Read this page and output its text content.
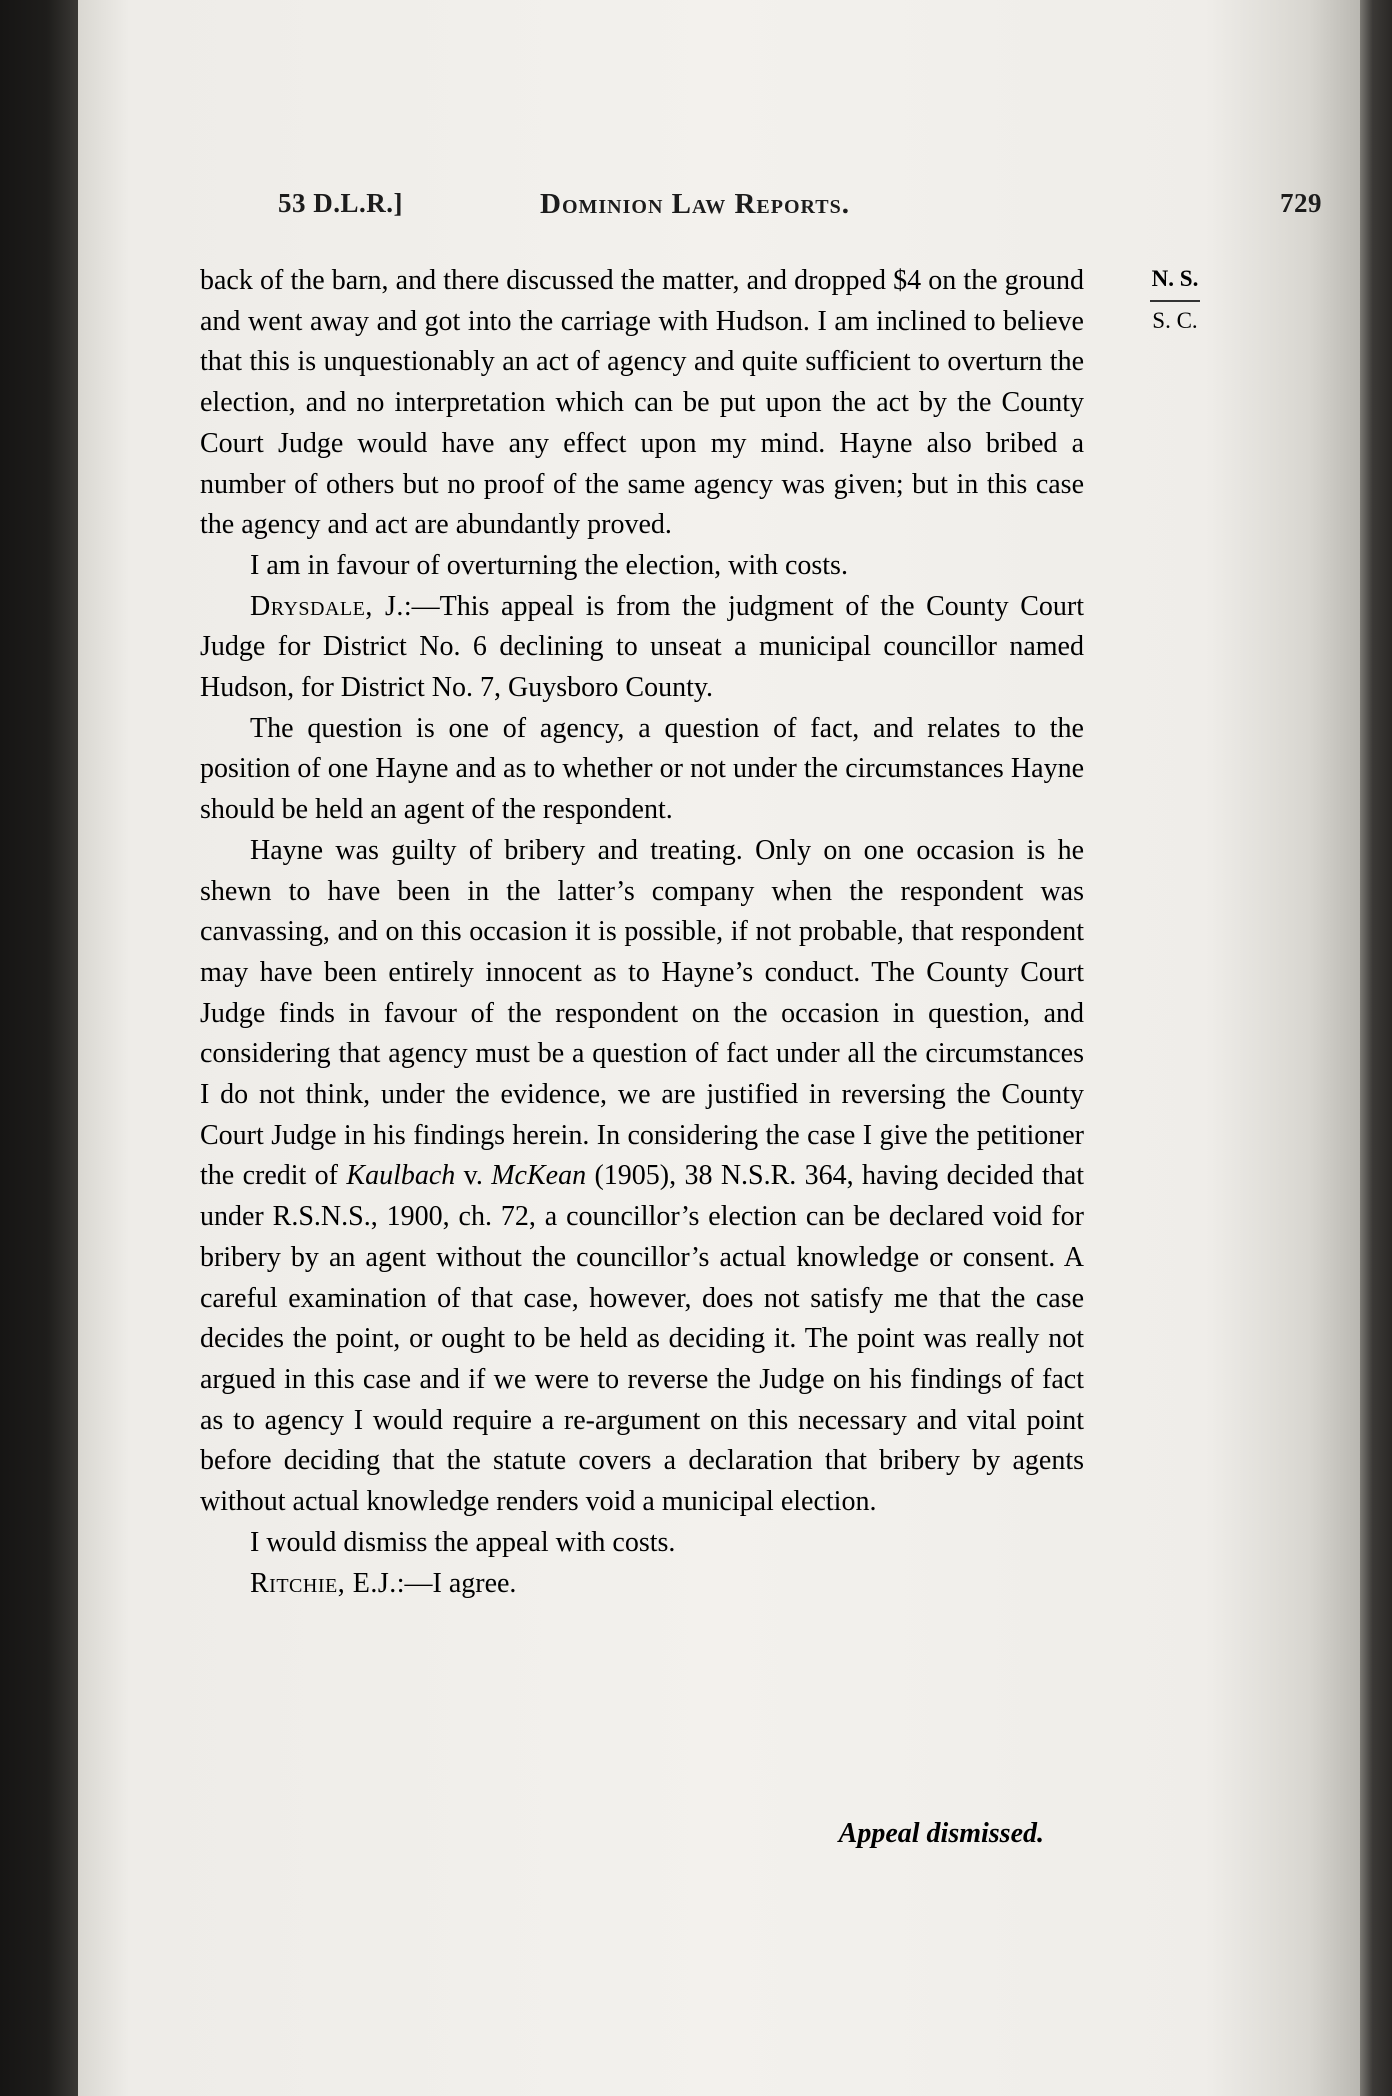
53 D.L.R.]	Dominion Law Reports.	729
N. S.
S. C.

back of the barn, and there discussed the matter, and dropped $4 on the ground and went away and got into the carriage with Hudson. I am inclined to believe that this is unquestionably an act of agency and quite sufficient to overturn the election, and no interpretation which can be put upon the act by the County Court Judge would have any effect upon my mind. Hayne also bribed a number of others but no proof of the same agency was given; but in this case the agency and act are abundantly proved.

I am in favour of overturning the election, with costs.

Drysdale, J.:—This appeal is from the judgment of the County Court Judge for District No. 6 declining to unseat a municipal councillor named Hudson, for District No. 7, Guysboro County.

The question is one of agency, a question of fact, and relates to the position of one Hayne and as to whether or not under the circumstances Hayne should be held an agent of the respondent.

Hayne was guilty of bribery and treating. Only on one occasion is he shewn to have been in the latter’s company when the respondent was canvassing, and on this occasion it is possible, if not probable, that respondent may have been entirely innocent as to Hayne’s conduct. The County Court Judge finds in favour of the respondent on the occasion in question, and considering that agency must be a question of fact under all the circumstances I do not think, under the evidence, we are justified in reversing the County Court Judge in his findings herein. In considering the case I give the petitioner the credit of Kaulbach v. McKean (1905), 38 N.S.R. 364, having decided that under R.S.N.S., 1900, ch. 72, a councillor’s election can be declared void for bribery by an agent without the councillor’s actual knowledge or consent. A careful examination of that case, however, does not satisfy me that the case decides the point, or ought to be held as deciding it. The point was really not argued in this case and if we were to reverse the Judge on his findings of fact as to agency I would require a re-argument on this necessary and vital point before deciding that the statute covers a declaration that bribery by agents without actual knowledge renders void a municipal election.

I would dismiss the appeal with costs.

Ritchie, E.J.:—I agree.

Appeal dismissed.
